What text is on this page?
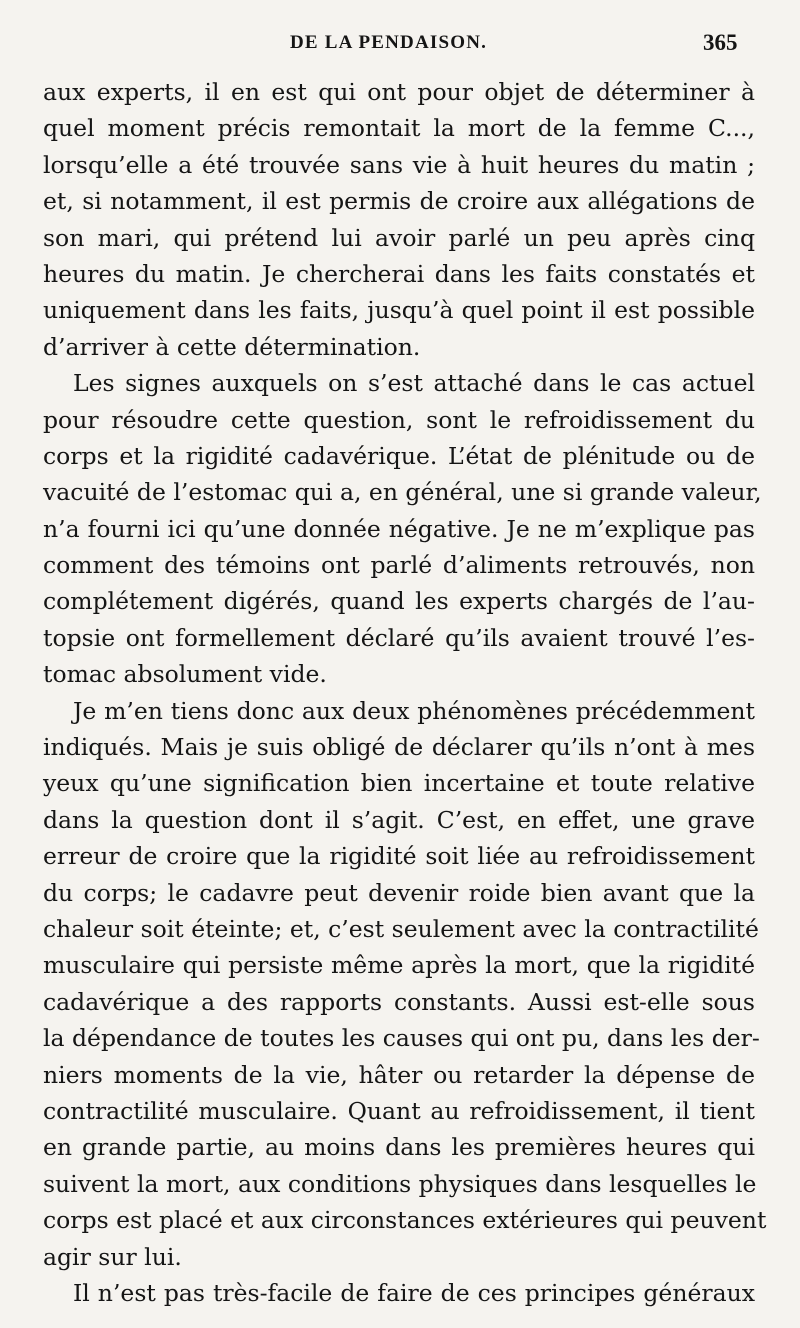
DE LA PENDAISON.	365
aux experts, il en est qui ont pour objet de déterminer à
quel moment précis remontait la mort de la femme C...,
lorsqu’elle a été trouvée sans vie à huit heures du matin ;
et, si notamment, il est permis de croire aux allégations de
son mari, qui prétend lui avoir parlé un peu après cinq
heures du matin. Je chercherai dans les faits constatés et
uniquement dans les faits, jusqu’à quel point il est possible
d’arriver à cette détermination.
Les signes auxquels on s’est attaché dans le cas actuel
pour résoudre cette question, sont le refroidissement du
corps et la rigidité cadavérique. L’état de plénitude ou de
vacuité de l’estomac qui a, en général, une si grande valeur,
n’a fourni ici qu’une donnée négative. Je ne m’explique pas
comment des témoins ont parlé d’aliments retrouvés, non
complétement digérés, quand les experts chargés de l’au-
topsie ont formellement déclaré qu’ils avaient trouvé l’es-
tomac absolument vide.
Je m’en tiens donc aux deux phénomènes précédemment
indiqués. Mais je suis obligé de déclarer qu’ils n’ont à mes
yeux qu’une signification bien incertaine et toute relative
dans la question dont il s’agit. C’est, en effet, une grave
erreur de croire que la rigidité soit liée au refroidissement
du corps; le cadavre peut devenir roide bien avant que la
chaleur soit éteinte; et, c’est seulement avec la contractilité
musculaire qui persiste même après la mort, que la rigidité
cadavérique a des rapports constants. Aussi est-elle sous
la dépendance de toutes les causes qui ont pu, dans les der-
niers moments de la vie, hâter ou retarder la dépense de
contractilité musculaire. Quant au refroidissement, il tient
en grande partie, au moins dans les premières heures qui
suivent la mort, aux conditions physiques dans lesquelles le
corps est placé et aux circonstances extérieures qui peuvent
agir sur lui.
Il n’est pas très-facile de faire de ces principes généraux
